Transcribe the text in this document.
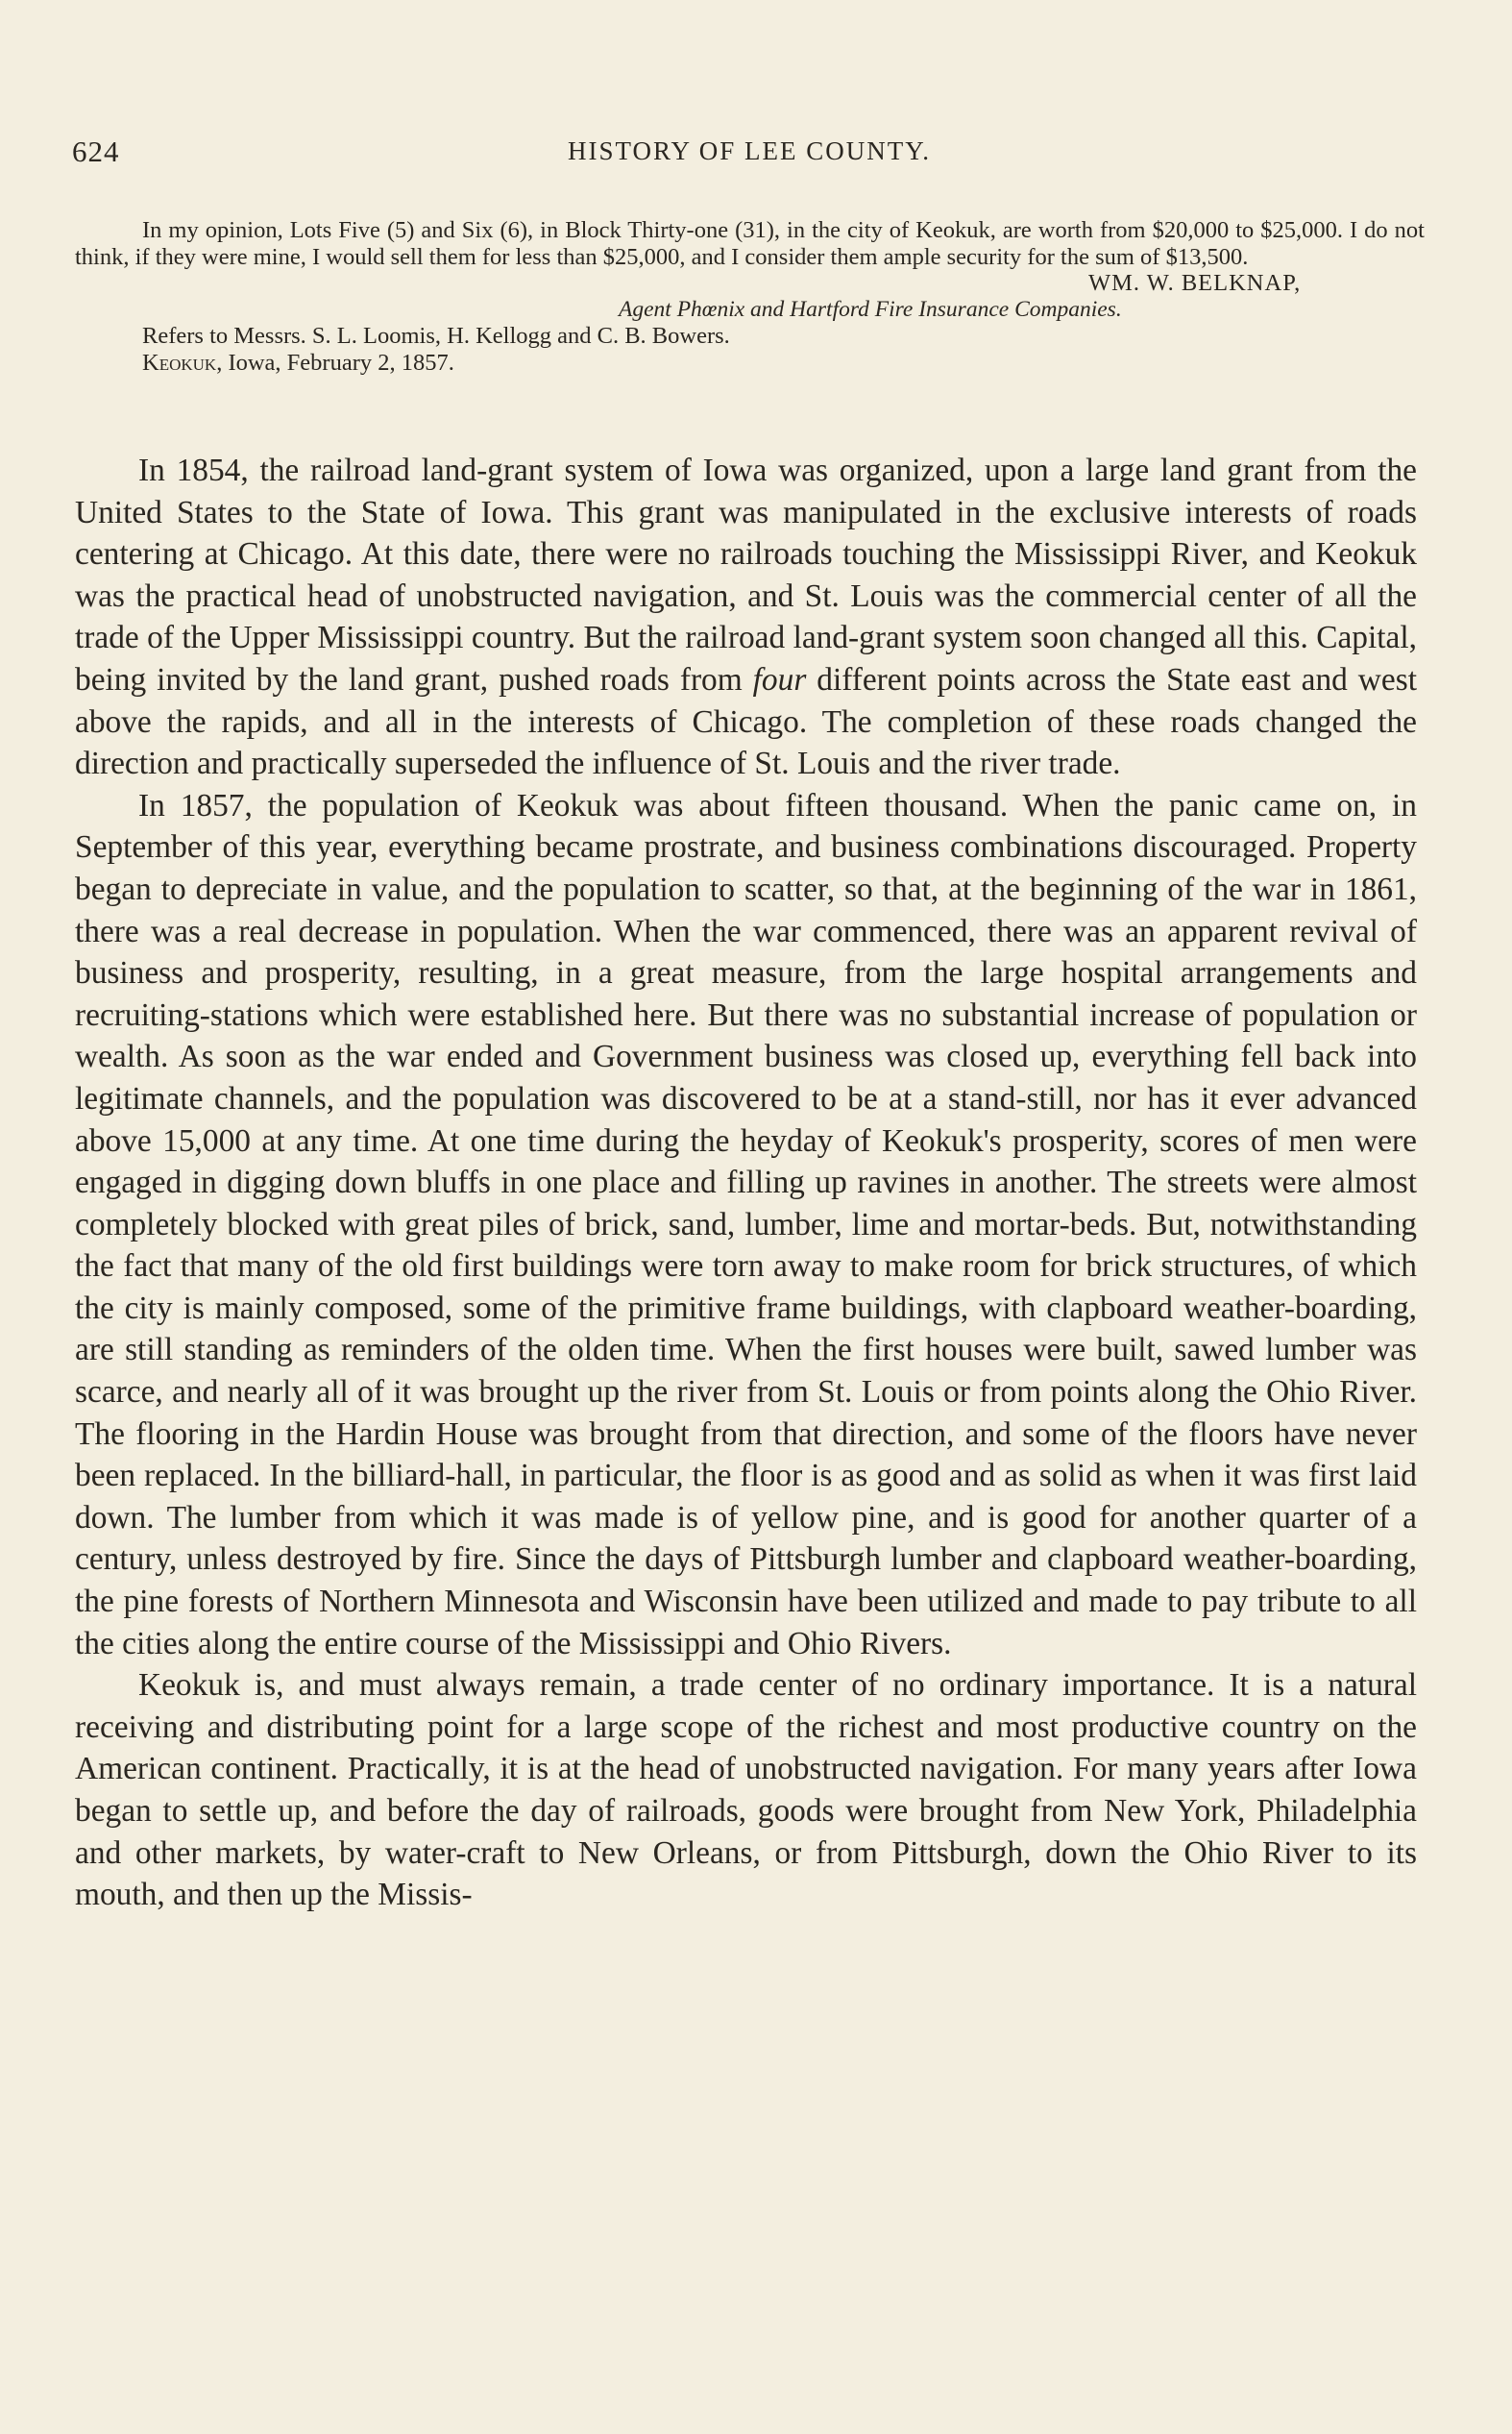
624	HISTORY OF LEE COUNTY.

In my opinion, Lots Five (5) and Six (6), in Block Thirty-one (31), in the city of Keokuk, are worth from $20,000 to $25,000. I do not think, if they were mine, I would sell them for less than $25,000, and I consider them ample security for the sum of $13,500.

WM. W. BELKNAP,

Agent Phœnix and Hartford Fire Insurance Companies.

Refers to Messrs. S. L. Loomis, H. Kellogg and C. B. Bowers.

Keokuk, Iowa, February 2, 1857.

In 1854, the railroad land-grant system of Iowa was organized, upon a large land grant from the United States to the State of Iowa. This grant was manipulated in the exclusive interests of roads centering at Chicago. At this date, there were no railroads touching the Mississippi River, and Keokuk was the practical head of unobstructed navigation, and St. Louis was the commercial center of all the trade of the Upper Mississippi country. But the railroad land-grant system soon changed all this. Capital, being invited by the land grant, pushed roads from four different points across the State east and west above the rapids, and all in the interests of Chicago. The completion of these roads changed the direction and practically superseded the influence of St. Louis and the river trade.

In 1857, the population of Keokuk was about fifteen thousand. When the panic came on, in September of this year, everything became prostrate, and business combinations discouraged. Property began to depreciate in value, and the population to scatter, so that, at the beginning of the war in 1861, there was a real decrease in population. When the war commenced, there was an apparent revival of business and prosperity, resulting, in a great measure, from the large hospital arrangements and recruiting-stations which were established here. But there was no substantial increase of population or wealth. As soon as the war ended and Government business was closed up, everything fell back into legitimate channels, and the population was discovered to be at a stand-still, nor has it ever advanced above 15,000 at any time. At one time during the heyday of Keokuk's prosperity, scores of men were engaged in digging down bluffs in one place and filling up ravines in another. The streets were almost completely blocked with great piles of brick, sand, lumber, lime and mortar-beds. But, notwithstanding the fact that many of the old first buildings were torn away to make room for brick structures, of which the city is mainly composed, some of the primitive frame buildings, with clapboard weather-boarding, are still standing as reminders of the olden time. When the first houses were built, sawed lumber was scarce, and nearly all of it was brought up the river from St. Louis or from points along the Ohio River. The flooring in the Hardin House was brought from that direction, and some of the floors have never been replaced. In the billiard-hall, in particular, the floor is as good and as solid as when it was first laid down. The lumber from which it was made is of yellow pine, and is good for another quarter of a century, unless destroyed by fire. Since the days of Pittsburgh lumber and clapboard weather-boarding, the pine forests of Northern Minnesota and Wisconsin have been utilized and made to pay tribute to all the cities along the entire course of the Mississippi and Ohio Rivers.

Keokuk is, and must always remain, a trade center of no ordinary importance. It is a natural receiving and distributing point for a large scope of the richest and most productive country on the American continent. Practically, it is at the head of unobstructed navigation. For many years after Iowa began to settle up, and before the day of railroads, goods were brought from New York, Philadelphia and other markets, by water-craft to New Orleans, or from Pittsburgh, down the Ohio River to its mouth, and then up the Missis-
